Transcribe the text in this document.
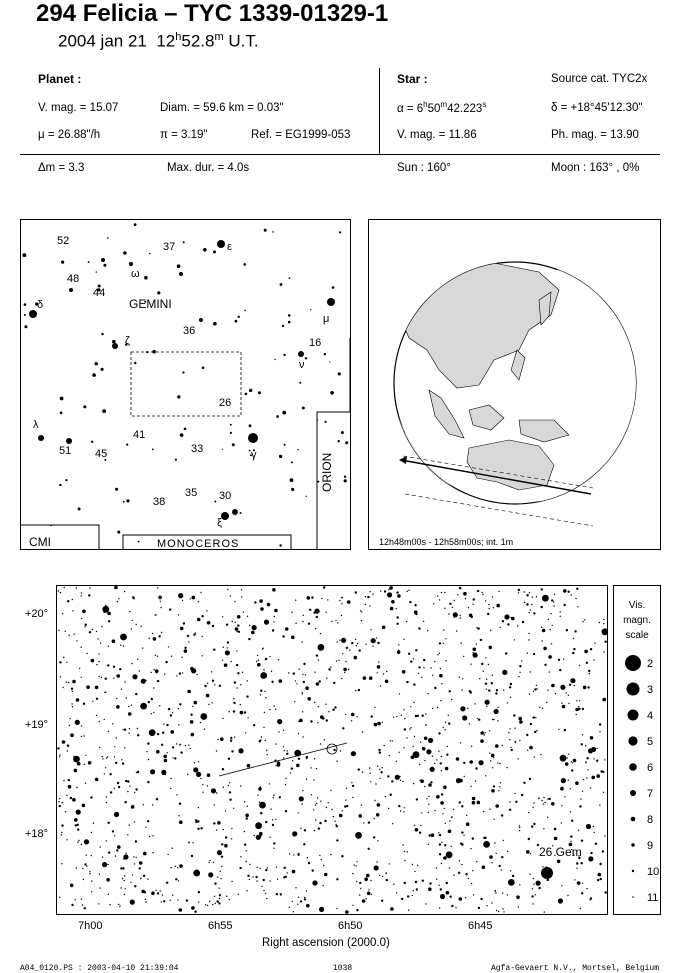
294 Felicia – TYC 1339-01329-1
2004 jan 21 12$^h$52.8$^m$ U.T.
Planet :
V. mag. = 15.07	Diam. = 59.6 km = 0.03"
μ = 26.88"/h	π = 3.19"	Ref. = EG1999-053
Star :	Source cat. TYC2x
$\alpha = 6^h50^m42.223^s$	δ = +18°45'12.30"
V. mag. = 11.86	Ph. mag. = 13.90
Δm = 3.3	Max. dur. = 4.0s	Sun : 160°	Moon : 163° , 0%
52	37	ε
48	ω
44
δ
μ
36
16
ζ
ν
26
λ
41
51 45	33	γ
38
35 30
ξ
GEMINI
ORION
CMI	MONOCEROS	12h48m00s - 12h58m00s; int. 1m
26 Gem
+20°
+19°
+18°
7h00	6h55	6h50	6h45
Right ascension (2000.0)
Vis.
magn.
scale
2
3
4
5
6
7
8
9
10
11
A04_0120.PS : 2003-04-10 21:39:04	1038	Agfa-Gevaert N.V., Mortsel, Belgium
